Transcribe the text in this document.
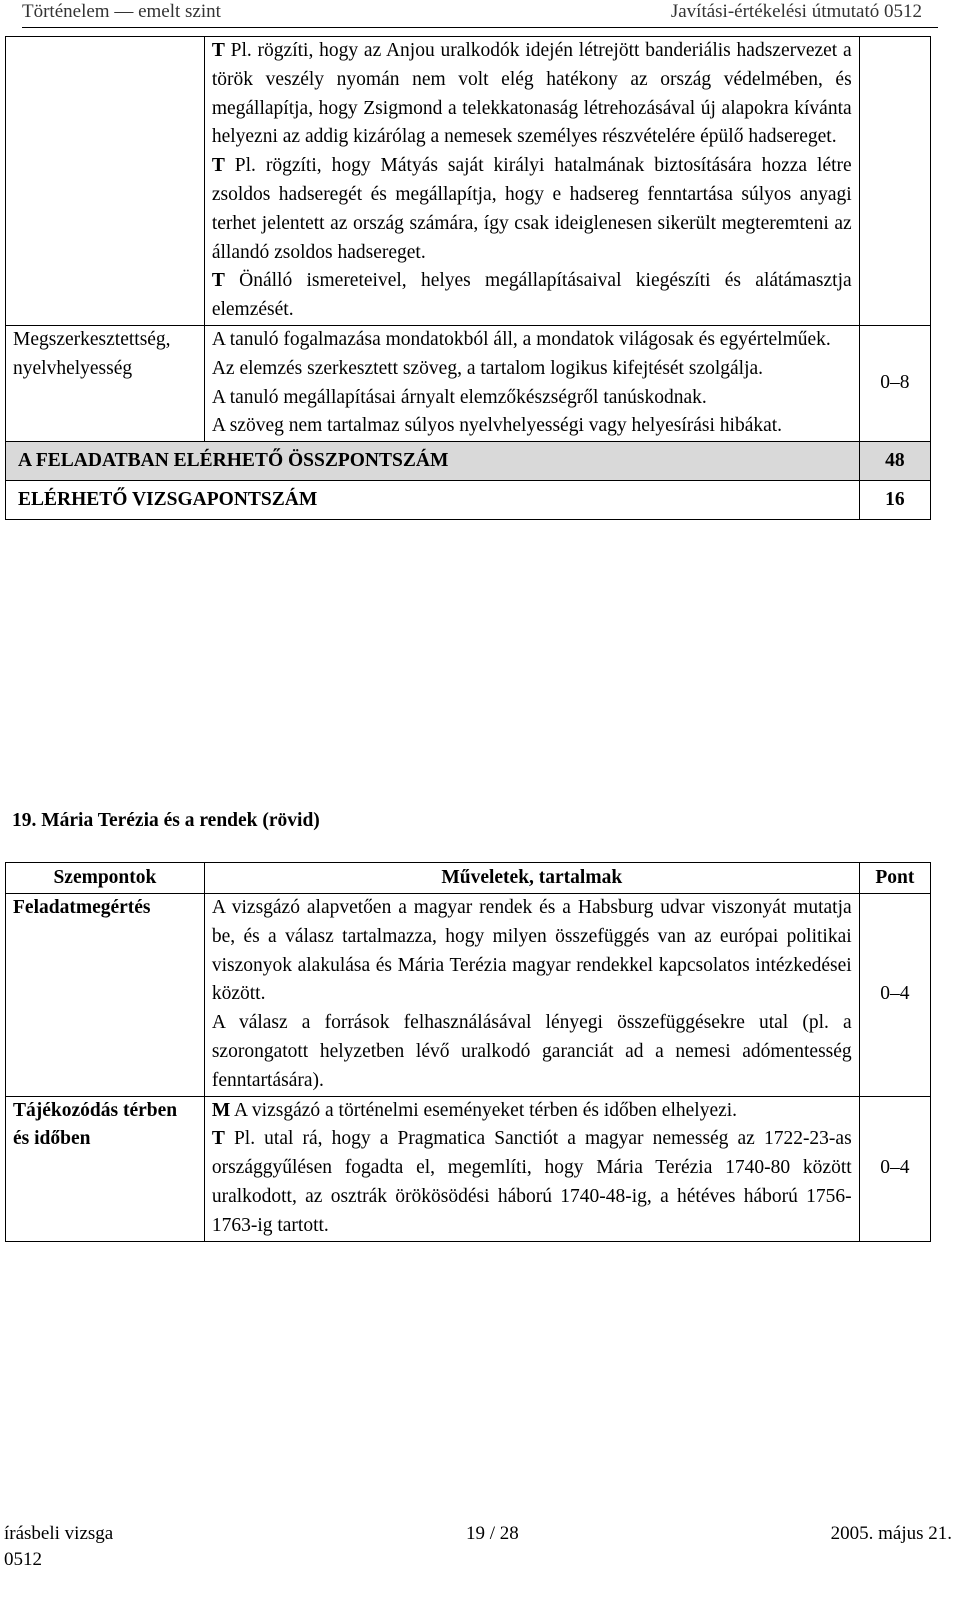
Történelem — emelt szint	Javítási-értékelési útmutató 0512

	T Pl. rögzíti, hogy az Anjou uralkodók idején létrejött banderiális hadszervezet a török veszély nyomán nem volt elég hatékony az ország védelmében, és megállapítja, hogy Zsigmond a telekkatonaság létrehozásával új alapokra kívánta helyezni az addig kizárólag a nemesek személyes részvételére épülő hadsereget.
T Pl. rögzíti, hogy Mátyás saját királyi hatalmának biztosítására hozza létre zsoldos hadseregét és megállapítja, hogy e hadsereg fenntartása súlyos anyagi terhet jelentett az ország számára, így csak ideiglenesen sikerült megteremteni az állandó zsoldos hadsereget.
T Önálló ismereteivel, helyes megállapításaival kiegészíti és alátámasztja elemzését.	

Megszerkesztettség, nyelvhelyesség	A tanuló fogalmazása mondatokból áll, a mondatok világosak és egyértelműek.
Az elemzés szerkesztett szöveg, a tartalom logikus kifejtését szolgálja.
A tanuló megállapításai árnyalt elemzőkészségről tanúskodnak.
A szöveg nem tartalmaz súlyos nyelvhelyességi vagy helyesírási hibákat.	0–8
A FELADATBAN ELÉRHETŐ ÖSSZPONTSZÁM		48
ELÉRHETŐ VIZSGAPONTSZÁM		16
19. Mária Terézia és a rendek (rövid)
Szempontok	Műveletek, tartalmak	Pont
Feladatmegértés	A vizsgázó alapvetően a magyar rendek és a Habsburg udvar viszonyát mutatja be, és a válasz tartalmazza, hogy milyen összefüggés van az európai politikai viszonyok alakulása és Mária Terézia magyar rendekkel kapcsolatos intézkedései között.
A válasz a források felhasználásával lényegi összefüggésekre utal (pl. a szorongatott helyzetben lévő uralkodó garanciát ad a nemesi adómentesség fenntartására).	0–4
Tájékozódás térben és időben	M A vizsgázó a történelmi eseményeket térben és időben elhelyezi.
T Pl. utal rá, hogy a Pragmatica Sanctiót a magyar nemesség az 1722-23-as országgyűlésen fogadta el, megemlíti, hogy Mária Terézia 1740-80 között uralkodott, az osztrák örökösödési háború 1740-48-ig, a hétéves háború 1756-1763-ig tartott.	0–4
írásbeli vizsga	19 / 28	2005. május 21.
0512
